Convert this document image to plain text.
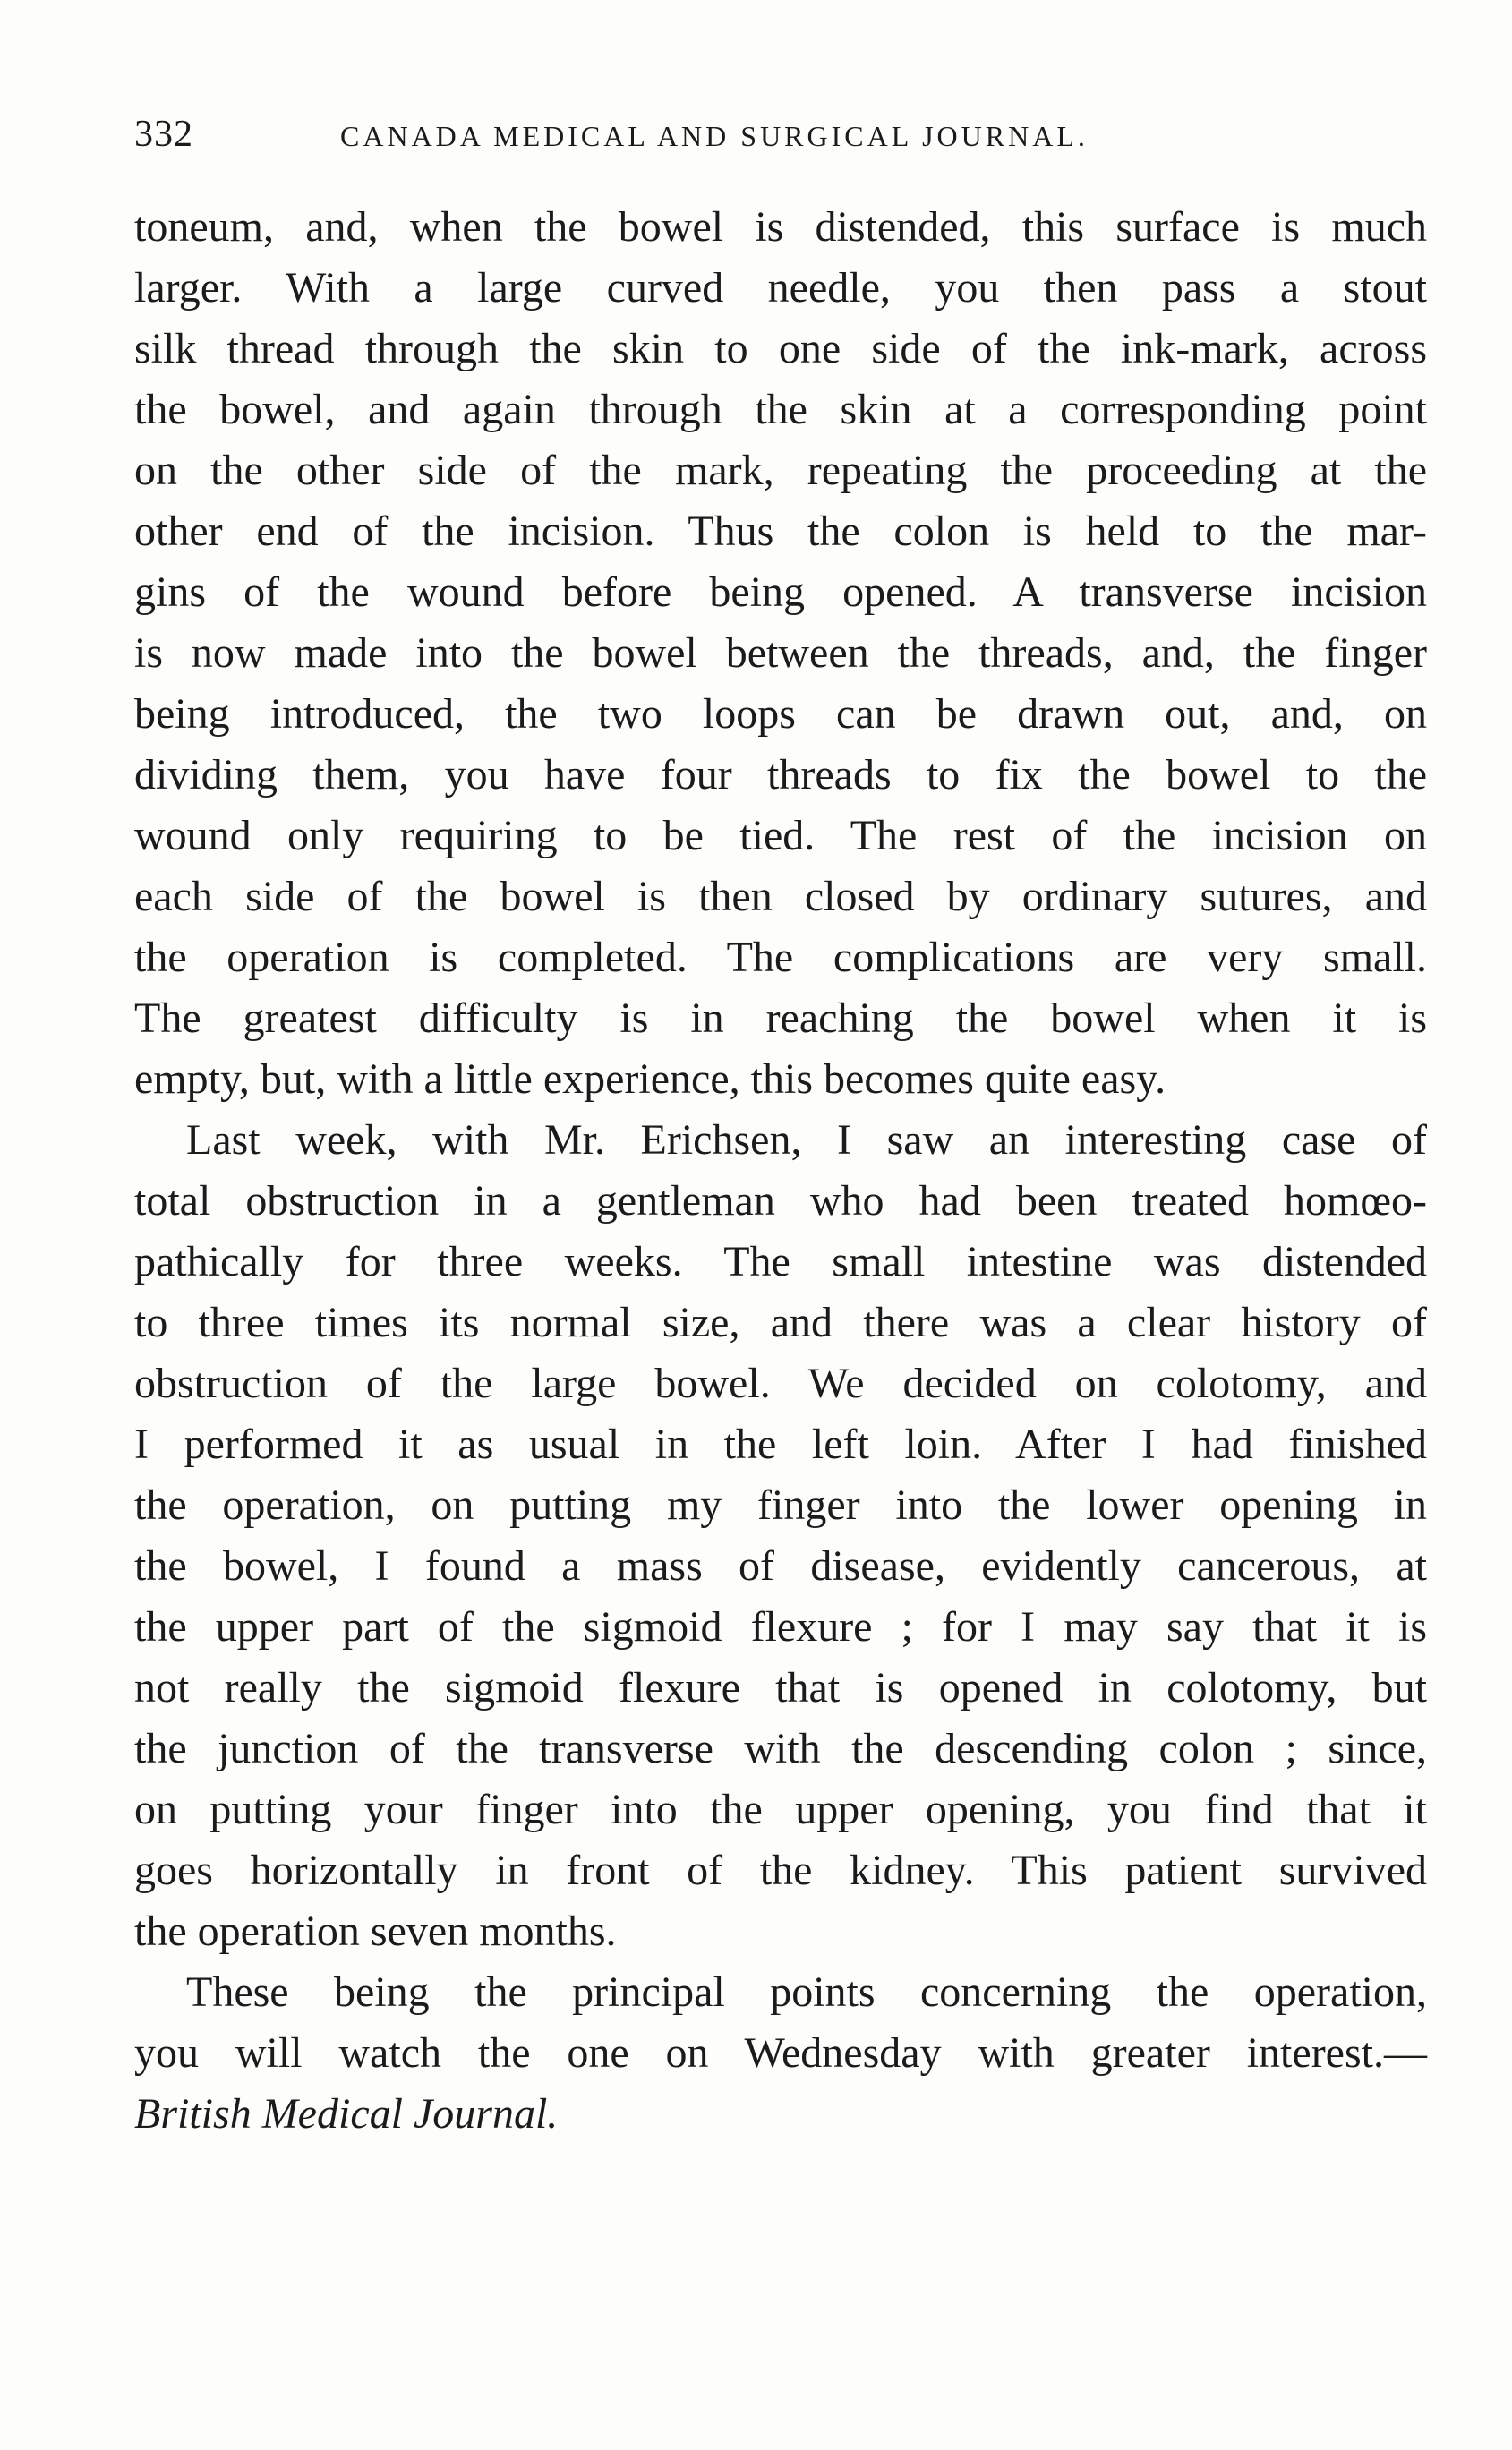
332	CANADA MEDICAL AND SURGICAL JOURNAL.
toneum, and, when the bowel is distended, this surface is much
larger. With a large curved needle, you then pass a stout
silk thread through the skin to one side of the ink-mark, across
the bowel, and again through the skin at a corresponding point
on the other side of the mark, repeating the proceeding at the
other end of the incision. Thus the colon is held to the mar-
gins of the wound before being opened. A transverse incision
is now made into the bowel between the threads, and, the finger
being introduced, the two loops can be drawn out, and, on
dividing them, you have four threads to fix the bowel to the
wound only requiring to be tied. The rest of the incision on
each side of the bowel is then closed by ordinary sutures, and
the operation is completed. The complications are very small.
The greatest difficulty is in reaching the bowel when it is
empty, but, with a little experience, this becomes quite easy.
Last week, with Mr. Erichsen, I saw an interesting case of
total obstruction in a gentleman who had been treated homœo-
pathically for three weeks. The small intestine was distended
to three times its normal size, and there was a clear history of
obstruction of the large bowel. We decided on colotomy, and
I performed it as usual in the left loin. After I had finished
the operation, on putting my finger into the lower opening in
the bowel, I found a mass of disease, evidently cancerous, at
the upper part of the sigmoid flexure ; for I may say that it is
not really the sigmoid flexure that is opened in colotomy, but
the junction of the transverse with the descending colon ; since,
on putting your finger into the upper opening, you find that it
goes horizontally in front of the kidney. This patient survived
the operation seven months.
These being the principal points concerning the operation,
you will watch the one on Wednesday with greater interest.—
British Medical Journal.
